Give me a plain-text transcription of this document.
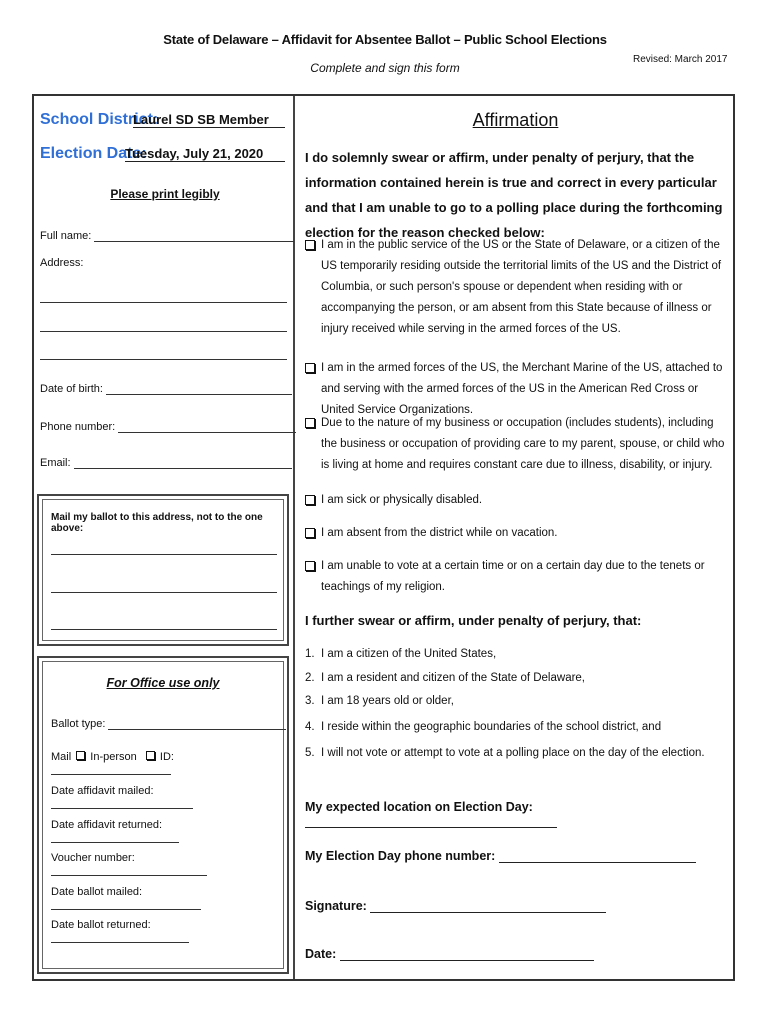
State of Delaware – Affidavit for Absentee Ballot – Public School Elections
Complete and sign this form
Revised: March 2017
School District:
Laurel SD SB Member
Election Date:
Tuesday, July 21, 2020
Please print legibly
Full name:
Address:
Date of birth:
Phone number:
Email:
Mail my ballot to this address, not to the one above:
For Office use only
Ballot type:
Mail In-person ID:
Date affidavit mailed:
Date affidavit returned:
Voucher number:
Date ballot mailed:
Date ballot returned:
Affirmation
I do solemnly swear or affirm, under penalty of perjury, that the information contained herein is true and correct in every particular and that I am unable to go to a polling place during the forthcoming election for the reason checked below:
I am in the public service of the US or the State of Delaware, or a citizen of the US temporarily residing outside the territorial limits of the US and the District of Columbia, or such person's spouse or dependent when residing with or accompanying the person, or am absent from this State because of illness or injury received while serving in the armed forces of the US.
I am in the armed forces of the US, the Merchant Marine of the US, attached to and serving with the armed forces of the US in the American Red Cross or United Service Organizations.
Due to the nature of my business or occupation (includes students), including the business or occupation of providing care to my parent, spouse, or child who is living at home and requires constant care due to illness, disability, or injury.
I am sick or physically disabled.
I am absent from the district while on vacation.
I am unable to vote at a certain time or on a certain day due to the tenets or teachings of my religion.
I further swear or affirm, under penalty of perjury, that:
1. I am a citizen of the United States,
2. I am a resident and citizen of the State of Delaware,
3. I am 18 years old or older,
4. I reside within the geographic boundaries of the school district, and
5. I will not vote or attempt to vote at a polling place on the day of the election.
My expected location on Election Day:
My Election Day phone number:
Signature:
Date:
